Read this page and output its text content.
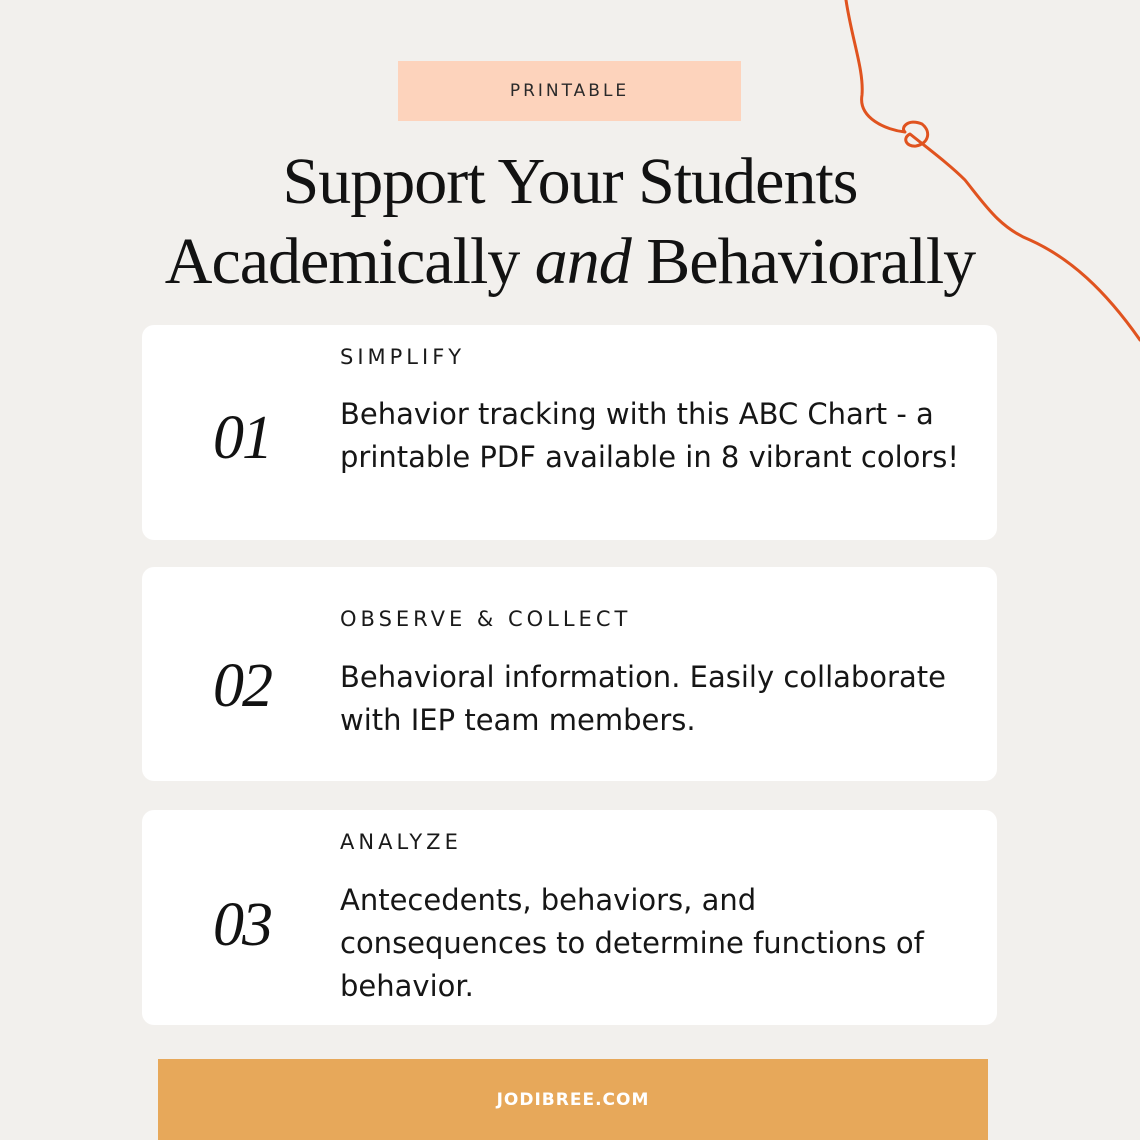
PRINTABLE
Support Your Students
Academically and Behaviorally
01
SIMPLIFY
Behavior tracking with this ABC Chart - a printable PDF available in 8 vibrant colors!
02
OBSERVE & COLLECT
Behavioral information. Easily collaborate with IEP team members.
03
ANALYZE
Antecedents, behaviors, and consequences to determine functions of behavior.
JODIBREE.COM
